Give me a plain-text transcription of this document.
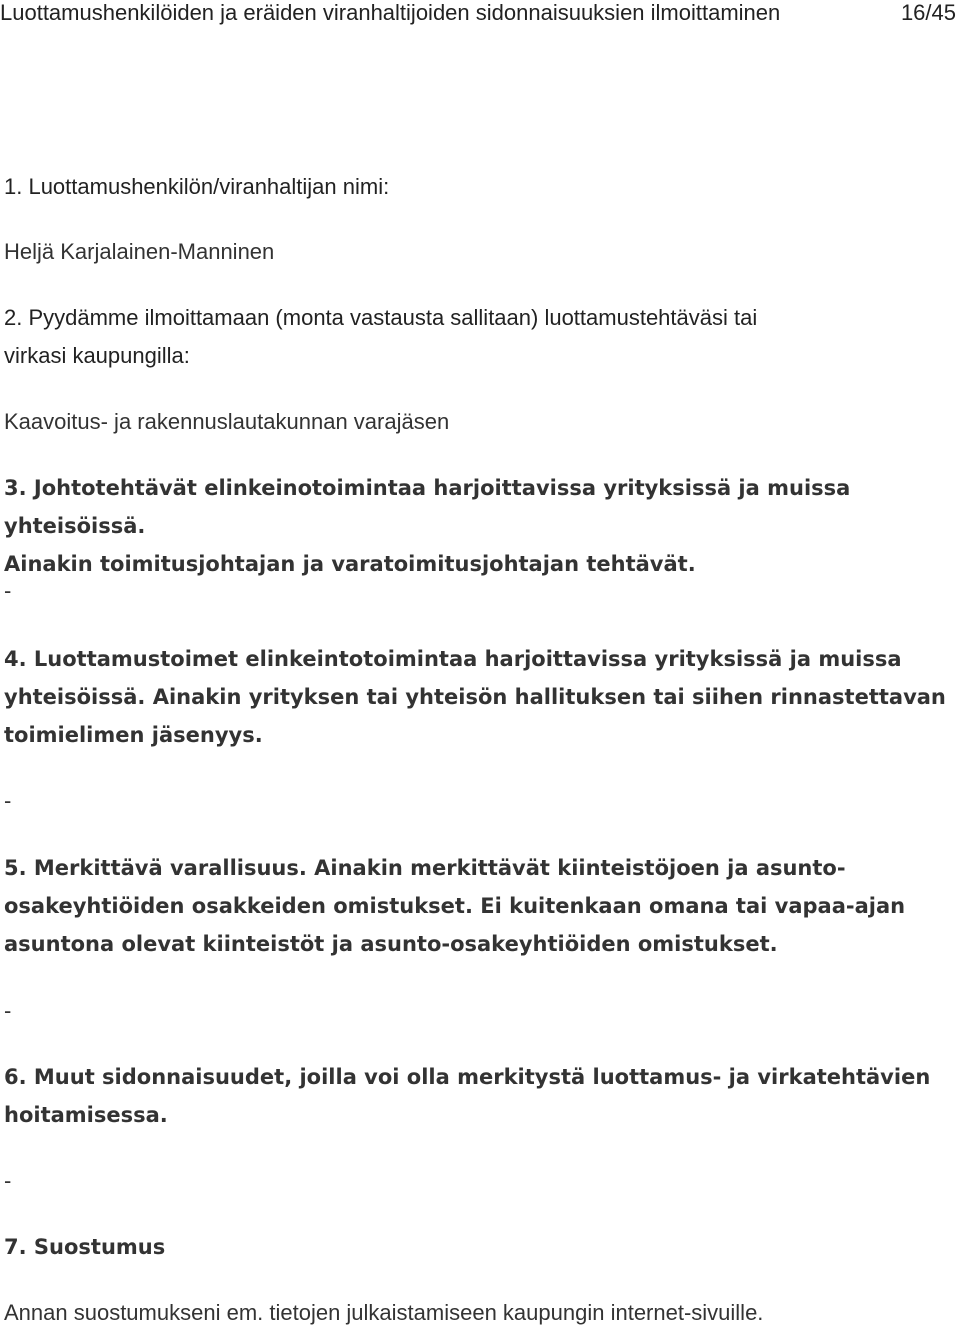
Luottamushenkilöiden ja eräiden viranhaltijoiden sidonnaisuuksien ilmoittaminen	16/45
1. Luottamushenkilön/viranhaltijan nimi:
Heljä Karjalainen-Manninen
2. Pyydämme ilmoittamaan (monta vastausta sallitaan) luottamustehtäväsi tai
virkasi kaupungilla:
Kaavoitus- ja rakennuslautakunnan varajäsen
3. Johtotehtävät elinkeinotoimintaa harjoittavissa yrityksissä ja muissa yhteisöissä.
Ainakin toimitusjohtajan ja varatoimitusjohtajan tehtävät.
-
4. Luottamustoimet elinkeintotoimintaa harjoittavissa yrityksissä ja muissa
yhteisöissä. Ainakin yrityksen tai yhteisön hallituksen tai siihen rinnastettavan
toimielimen jäsenyys.
-
5. Merkittävä varallisuus. Ainakin merkittävät kiinteistöjoen ja asunto-
osakeyhtiöiden osakkeiden omistukset. Ei kuitenkaan omana tai vapaa-ajan
asuntona olevat kiinteistöt ja asunto-osakeyhtiöiden omistukset.
-
6. Muut sidonnaisuudet, joilla voi olla merkitystä luottamus- ja virkatehtävien
hoitamisessa.
-
7. Suostumus
Annan suostumukseni em. tietojen julkaistamiseen kaupungin internet-sivuille.
